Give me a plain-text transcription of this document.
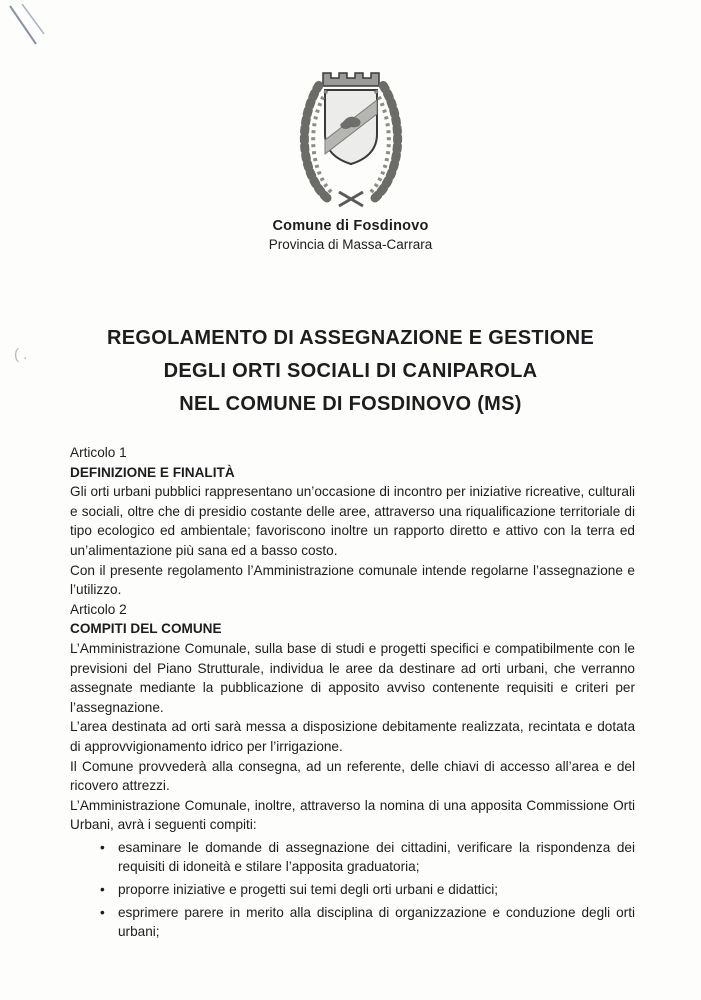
( .
Comune di Fosdinovo
Provincia di Massa-Carrara
REGOLAMENTO DI ASSEGNAZIONE E GESTIONE
DEGLI ORTI SOCIALI DI CANIPAROLA
NEL COMUNE DI FOSDINOVO (MS)

Articolo 1

DEFINIZIONE E FINALITÀ

Gli orti urbani pubblici rappresentano un’occasione di incontro per iniziative ricreative, culturali e sociali, oltre che di presidio costante delle aree, attraverso una riqualificazione territoriale di tipo ecologico ed ambientale; favoriscono inoltre un rapporto diretto e attivo con la terra ed un’alimentazione più sana ed a basso costo.

Con il presente regolamento l’Amministrazione comunale intende regolarne l’assegnazione e l’utilizzo.

Articolo 2

COMPITI DEL COMUNE

L’Amministrazione Comunale, sulla base di studi e progetti specifici e compatibilmente con le previsioni del Piano Strutturale, individua le aree da destinare ad orti urbani, che verranno assegnate mediante la pubblicazione di apposito avviso contenente requisiti e criteri per l’assegnazione.

L’area destinata ad orti sarà messa a disposizione debitamente realizzata, recintata e dotata di approvvigionamento idrico per l’irrigazione.

Il Comune provvederà alla consegna, ad un referente, delle chiavi di accesso all’area e del ricovero attrezzi.

L’Amministrazione Comunale, inoltre, attraverso la nomina di una apposita Commissione Orti Urbani, avrà i seguenti compiti:

• esaminare le domande di assegnazione dei cittadini, verificare la rispondenza dei requisiti di idoneità e stilare l’apposita graduatoria;
• proporre iniziative e progetti sui temi degli orti urbani e didattici;
• esprimere parere in merito alla disciplina di organizzazione e conduzione degli orti urbani;
